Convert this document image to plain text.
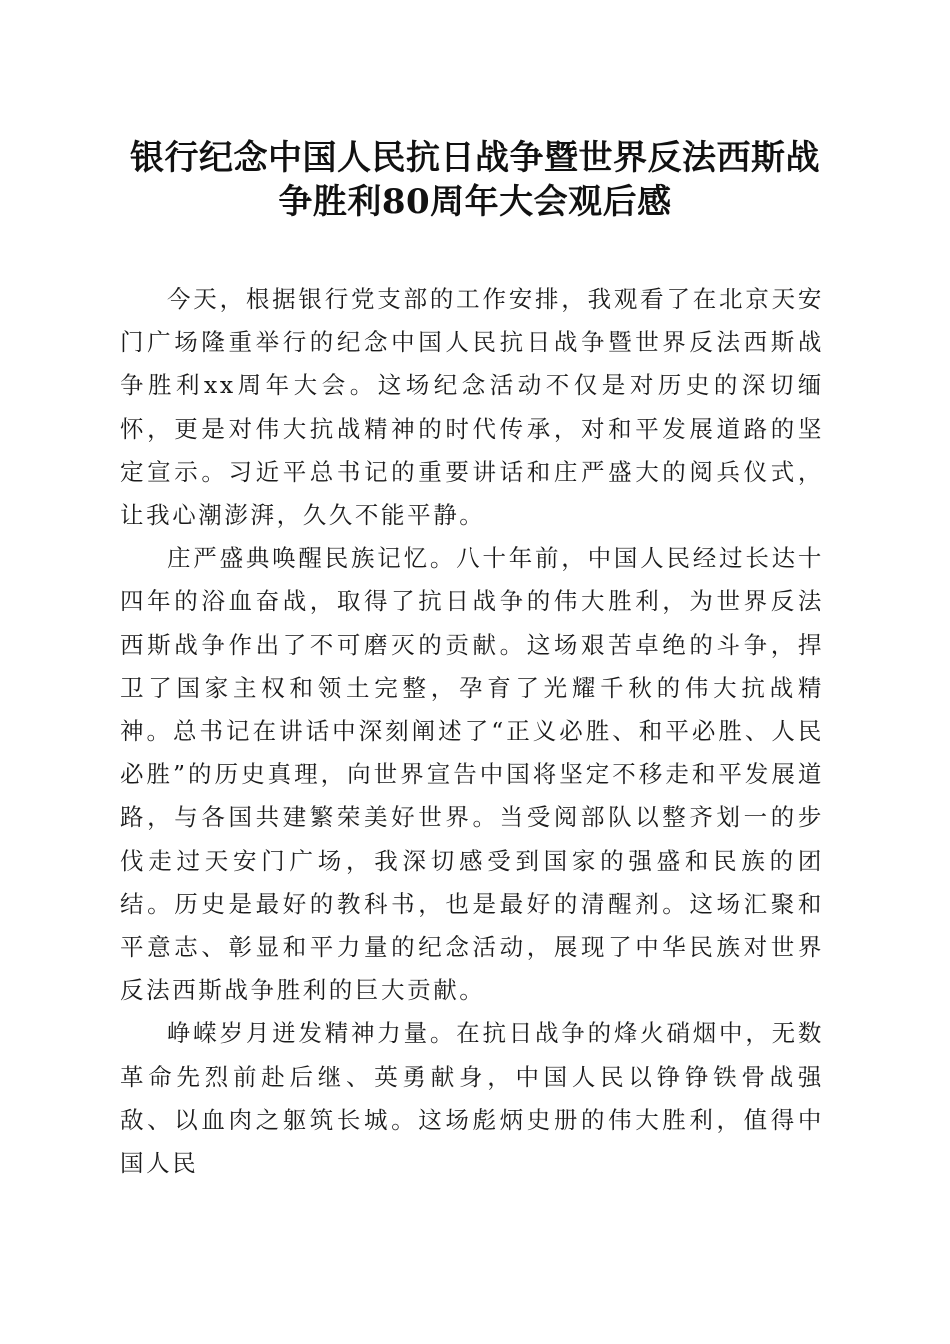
银行纪念中国人民抗日战争暨世界反法西斯战
争胜利80周年大会观后感

今天，根据银行党支部的工作安排，我观看了在北京天安门广场隆重举行的纪念中国人民抗日战争暨世界反法西斯战争胜利xx周年大会。这场纪念活动不仅是对历史的深切缅怀，更是对伟大抗战精神的时代传承，对和平发展道路的坚定宣示。习近平总书记的重要讲话和庄严盛大的阅兵仪式，让我心潮澎湃，久久不能平静。

庄严盛典唤醒民族记忆。八十年前，中国人民经过长达十四年的浴血奋战，取得了抗日战争的伟大胜利，为世界反法西斯战争作出了不可磨灭的贡献。这场艰苦卓绝的斗争，捍卫了国家主权和领土完整，孕育了光耀千秋的伟大抗战精神。总书记在讲话中深刻阐述了“正义必胜、和平必胜、人民必胜”的历史真理，向世界宣告中国将坚定不移走和平发展道路，与各国共建繁荣美好世界。当受阅部队以整齐划一的步伐走过天安门广场，我深切感受到国家的强盛和民族的团结。历史是最好的教科书，也是最好的清醒剂。这场汇聚和平意志、彰显和平力量的纪念活动，展现了中华民族对世界反法西斯战争胜利的巨大贡献。

峥嵘岁月迸发精神力量。在抗日战争的烽火硝烟中，无数革命先烈前赴后继、英勇献身，中国人民以铮铮铁骨战强敌、以血肉之躯筑长城。这场彪炳史册的伟大胜利，值得中国人民
